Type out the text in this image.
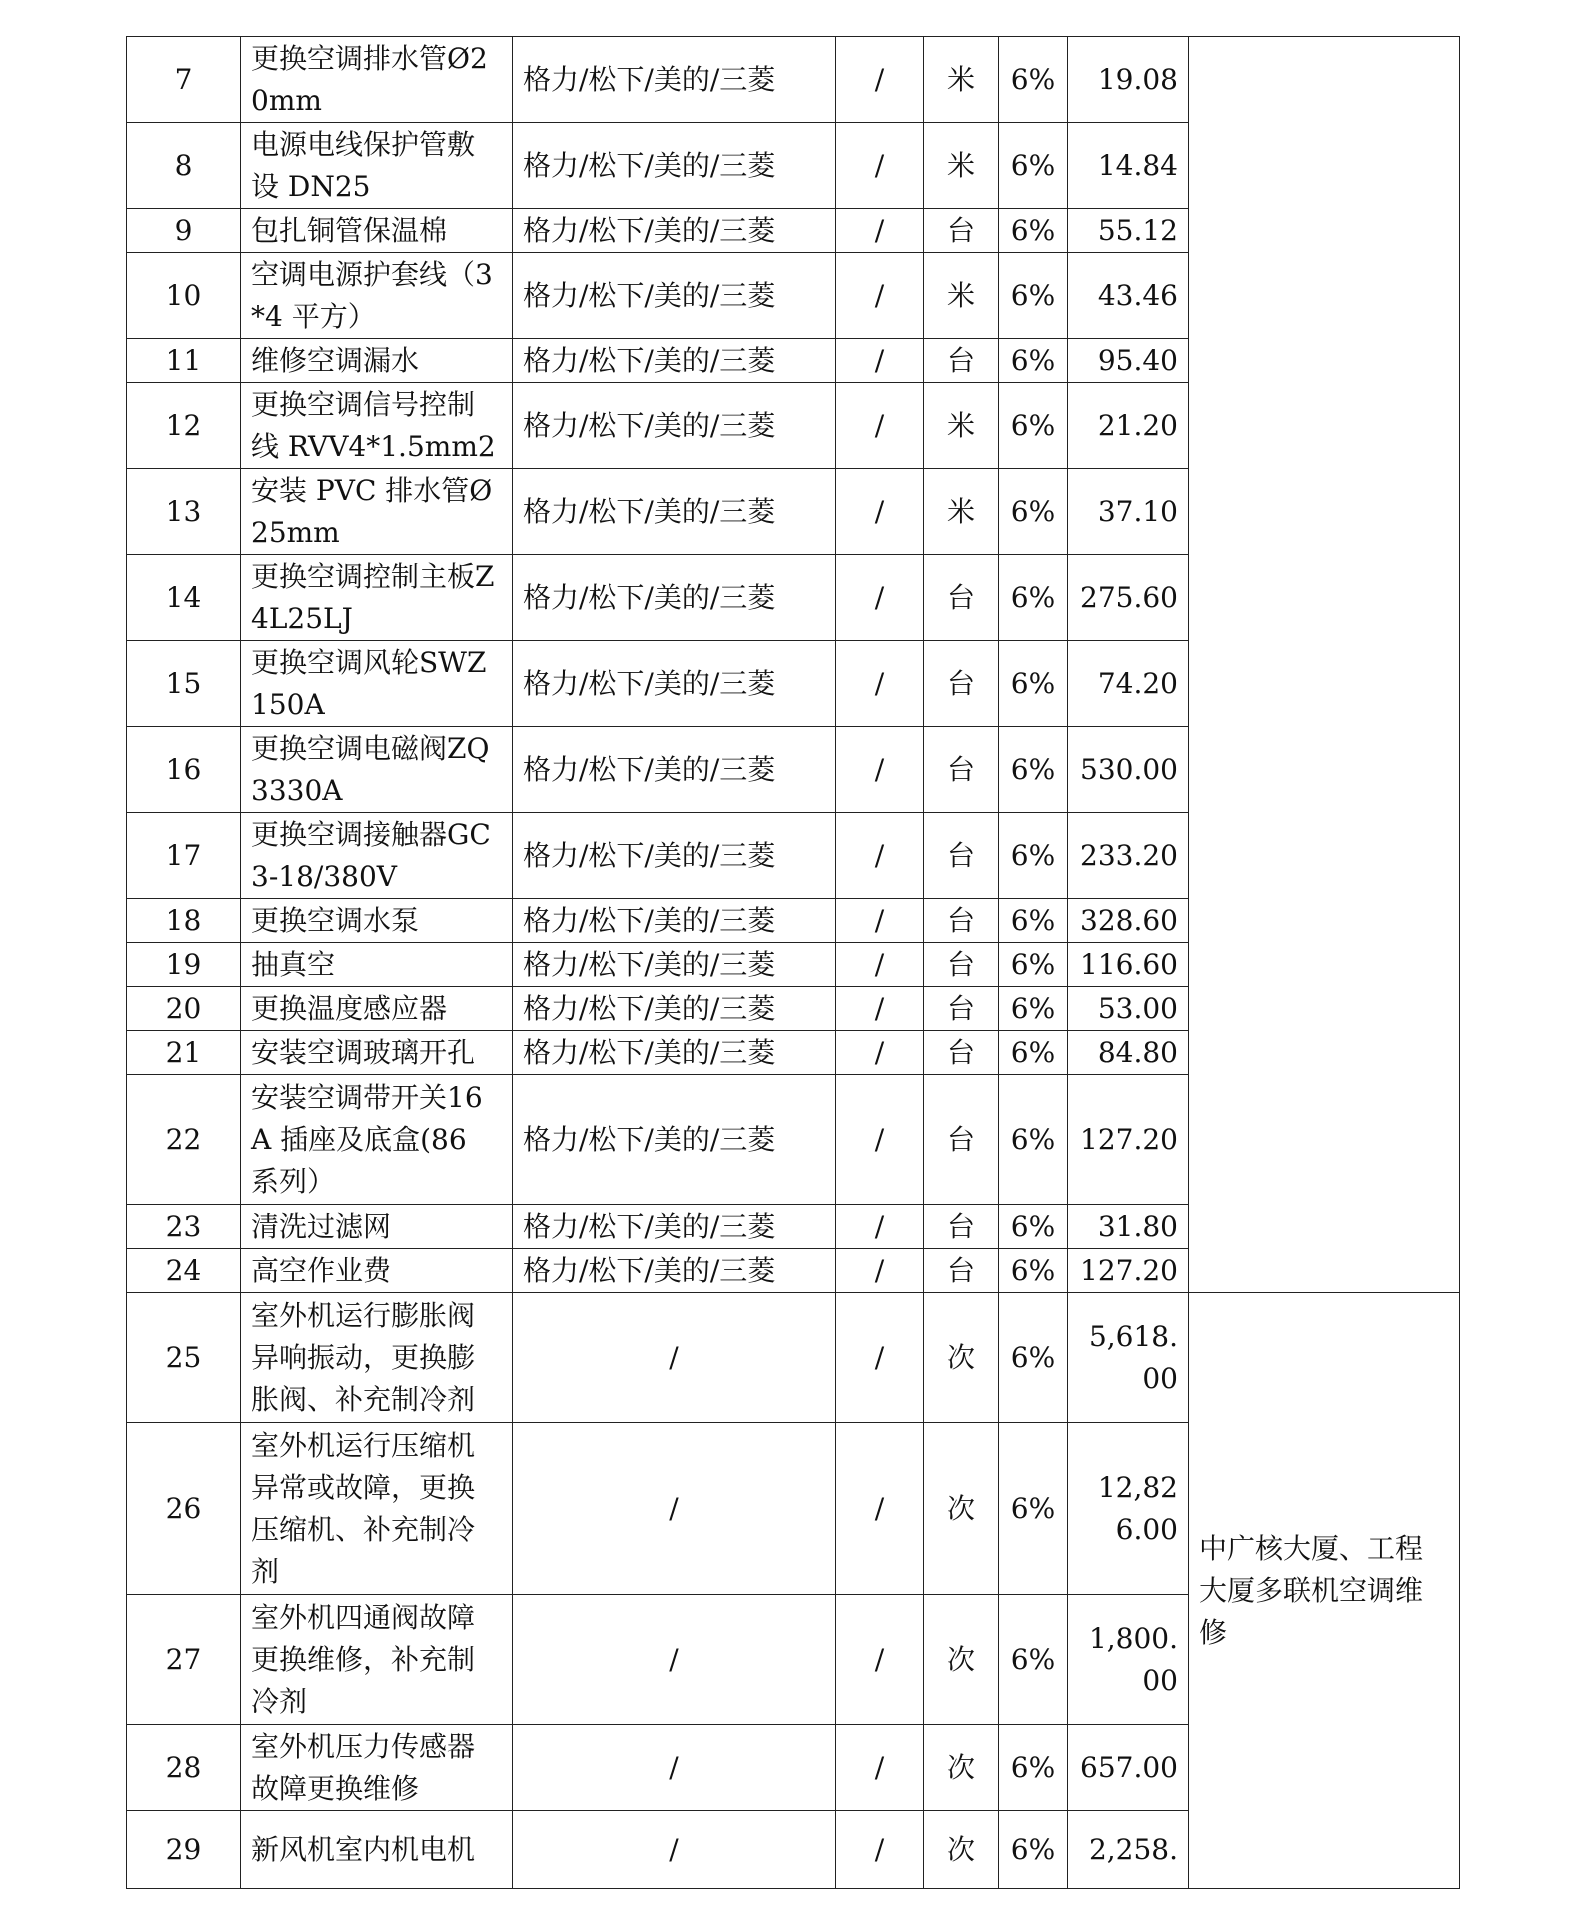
7	更换空调排水管Ø20mm	格力/松下/美的/三菱	/	米	6%	19.08	
8	电源电线保护管敷设 DN25	格力/松下/美的/三菱	/	米	6%	14.84	
9	包扎铜管保温棉	格力/松下/美的/三菱	/	台	6%	55.12	
10	空调电源护套线（3*4 平方）	格力/松下/美的/三菱	/	米	6%	43.46	
11	维修空调漏水	格力/松下/美的/三菱	/	台	6%	95.40	
12	更换空调信号控制线 RVV4*1.5mm2	格力/松下/美的/三菱	/	米	6%	21.20	
13	安装 PVC 排水管Ø25mm	格力/松下/美的/三菱	/	米	6%	37.10	
14	更换空调控制主板Z4L25LJ	格力/松下/美的/三菱	/	台	6%	275.60	
15	更换空调风轮SWZ150A	格力/松下/美的/三菱	/	台	6%	74.20	
16	更换空调电磁阀ZQ3330A	格力/松下/美的/三菱	/	台	6%	530.00	
17	更换空调接触器GC3-18/380V	格力/松下/美的/三菱	/	台	6%	233.20	
18	更换空调水泵	格力/松下/美的/三菱	/	台	6%	328.60	
19	抽真空	格力/松下/美的/三菱	/	台	6%	116.60	
20	更换温度感应器	格力/松下/美的/三菱	/	台	6%	53.00	
21	安装空调玻璃开孔	格力/松下/美的/三菱	/	台	6%	84.80	
22	安装空调带开关16A 插座及底盒(86 系列）	格力/松下/美的/三菱	/	台	6%	127.20	
23	清洗过滤网	格力/松下/美的/三菱	/	台	6%	31.80	
24	高空作业费	格力/松下/美的/三菱	/	台	6%	127.20	
25	室外机运行膨胀阀异响振动，更换膨胀阀、补充制冷剂	/	/	次	6%	5,618.00	中广核大厦、工程大厦多联机空调维修
26	室外机运行压缩机异常或故障，更换压缩机、补充制冷剂	/	/	次	6%	12,826.00	
27	室外机四通阀故障更换维修，补充制冷剂	/	/	次	6%	1,800.00	
28	室外机压力传感器故障更换维修	/	/	次	6%	657.00	
29	新风机室内机电机	/	/	次	6%	2,258.	
